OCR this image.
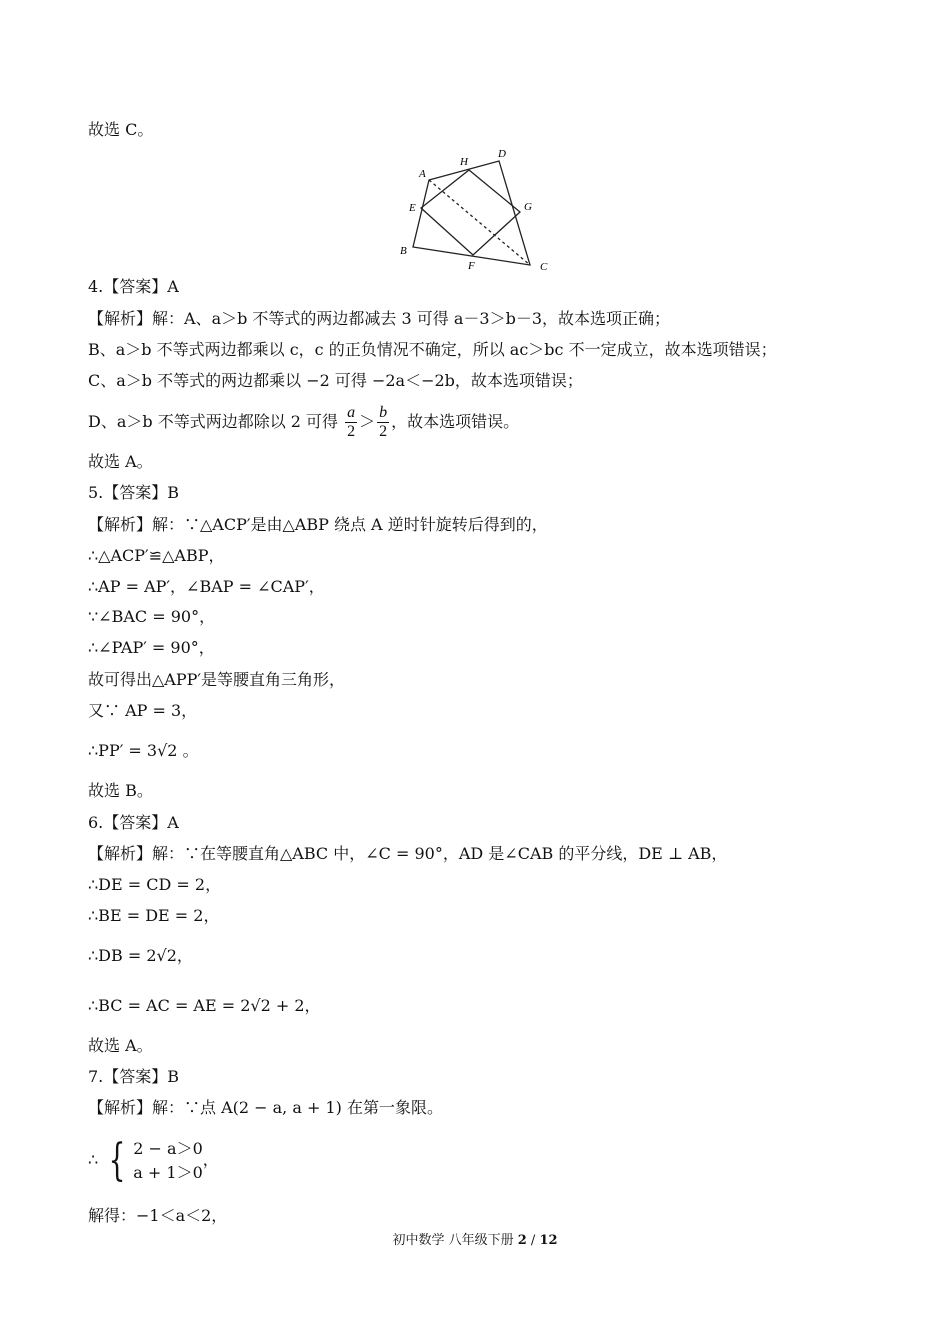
故选 C。
A
H
D
E	G
B
F	C
4.【答案】A
【解析】解：A、a＞b 不等式的两边都减去 3 可得 a－3＞b－3，故本选项正确；
B、a＞b 不等式两边都乘以 c，c 的正负情况不确定，所以 ac＞bc 不一定成立，故本选项错误；
C、a＞b 不等式的两边都乘以 −2 可得 −2a＜−2b，故本选项错误；
D、a＞b 不等式两边都除以 2 可得 $\frac{a}{2} > \frac{b}{2}$ ，故本选项错误。
故选 A。
5.【答案】B
【解析】解：∵△ACP′是由△ABP 绕点 A 逆时针旋转后得到的，
∴△ACP′≌△ABP，
∴AP = AP′，∠BAP = ∠CAP′，
∵∠BAC = 90°，
∴∠PAP′ = 90°，
故可得出△APP′是等腰直角三角形，
又∵ AP = 3，
∴PP′ = 3√2 。
故选 B。
6.【答案】A
【解析】解：∵在等腰直角△ABC 中，∠C = 90°，AD 是∠CAB 的平分线，DE ⊥ AB，
∴DE = CD = 2，
∴BE = DE = 2，
∴DB = 2√2，
∴BC = AC = AE = 2√2 + 2，
故选 A。
7.【答案】B
【解析】解：∵点 A(2 − a, a + 1) 在第一象限。
∴ { 2 − a＞0
a + 1＞0
，
解得：−1＜a＜2，
初中数学 八年级下册 2 / 12
